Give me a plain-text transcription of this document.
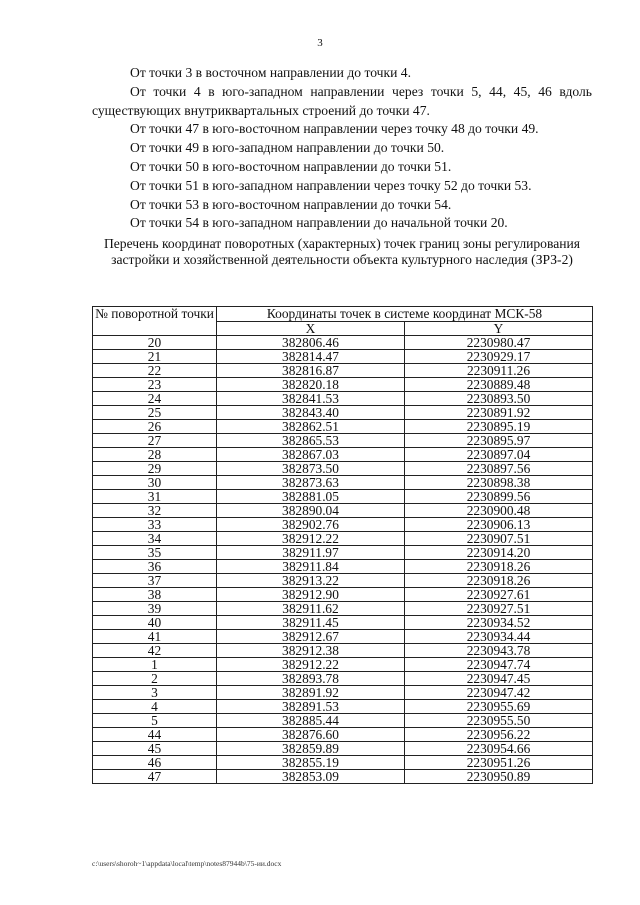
3

От точки 3 в восточном направлении до точки 4.

От точки 4 в юго-западном направлении через точки 5, 44, 45, 46 вдоль существующих внутриквартальных строений до точки 47.

От точки 47 в юго-восточном направлении через точку 48 до точки 49.

От точки 49 в юго-западном направлении до точки 50.

От точки 50 в юго-восточном направлении до точки 51.

От точки 51 в юго-западном направлении через точку 52 до точки 53.

От точки 53 в юго-восточном направлении до точки 54.

От точки 54 в юго-западном направлении до начальной точки 20.

Перечень координат поворотных (характерных) точек границ зоны регулирования застройки и хозяйственной деятельности объекта культурного наследия (ЗРЗ-2)
№ поворотной точки	Координаты точек в системе координат МСК-58	
	X	Y
20	382806.46	2230980.47
21	382814.47	2230929.17
22	382816.87	2230911.26
23	382820.18	2230889.48
24	382841.53	2230893.50
25	382843.40	2230891.92
26	382862.51	2230895.19
27	382865.53	2230895.97
28	382867.03	2230897.04
29	382873.50	2230897.56
30	382873.63	2230898.38
31	382881.05	2230899.56
32	382890.04	2230900.48
33	382902.76	2230906.13
34	382912.22	2230907.51
35	382911.97	2230914.20
36	382911.84	2230918.26
37	382913.22	2230918.26
38	382912.90	2230927.61
39	382911.62	2230927.51
40	382911.45	2230934.52
41	382912.67	2230934.44
42	382912.38	2230943.78
1	382912.22	2230947.74
2	382893.78	2230947.45
3	382891.92	2230947.42
4	382891.53	2230955.69
5	382885.44	2230955.50
44	382876.60	2230956.22
45	382859.89	2230954.66
46	382855.19	2230951.26
47	382853.09	2230950.89
c:\users\shoroh~1\appdata\local\temp\notes87944b\75-ии.docx
